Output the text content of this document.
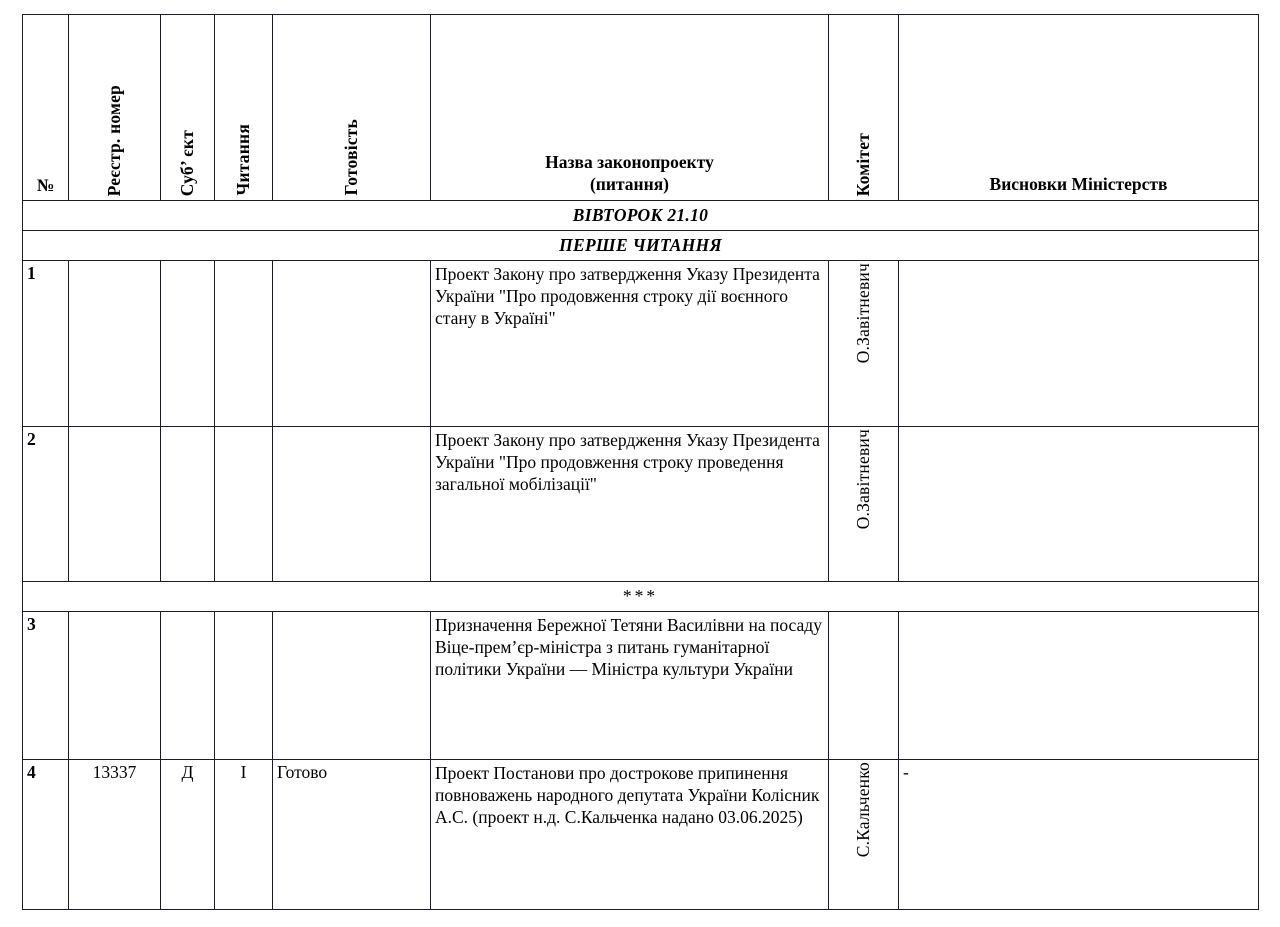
№	Реєстр. номер	Суб’ єкт	Читання	Готовість	Назва законопроекту
(питання)	Комітет	Висновки Міністерств

ВІВТОРОК 21.10							
ПЕРШЕ ЧИТАННЯ							
1					Проект Закону про затвердження Указу Президента України "Про продовження строку дії воєнного стану в Україні"	О.Завітневич	

2					Проект Закону про затвердження Указу Президента України "Про продовження строку проведення загальної мобілізації"	О.Завітневич	

***							
3					Призначення Бережної Тетяни Василівни на посаду Віце-прем’єр-міністра з питань гуманітарної політики України — Міністра культури України	

4	13337	Д	I	Готово	Проект Постанови про дострокове припинення повноважень народного депутата України Колісник А.С. (проект н.д. С.Кальченка надано 03.06.2025)	С.Кальченко	-
